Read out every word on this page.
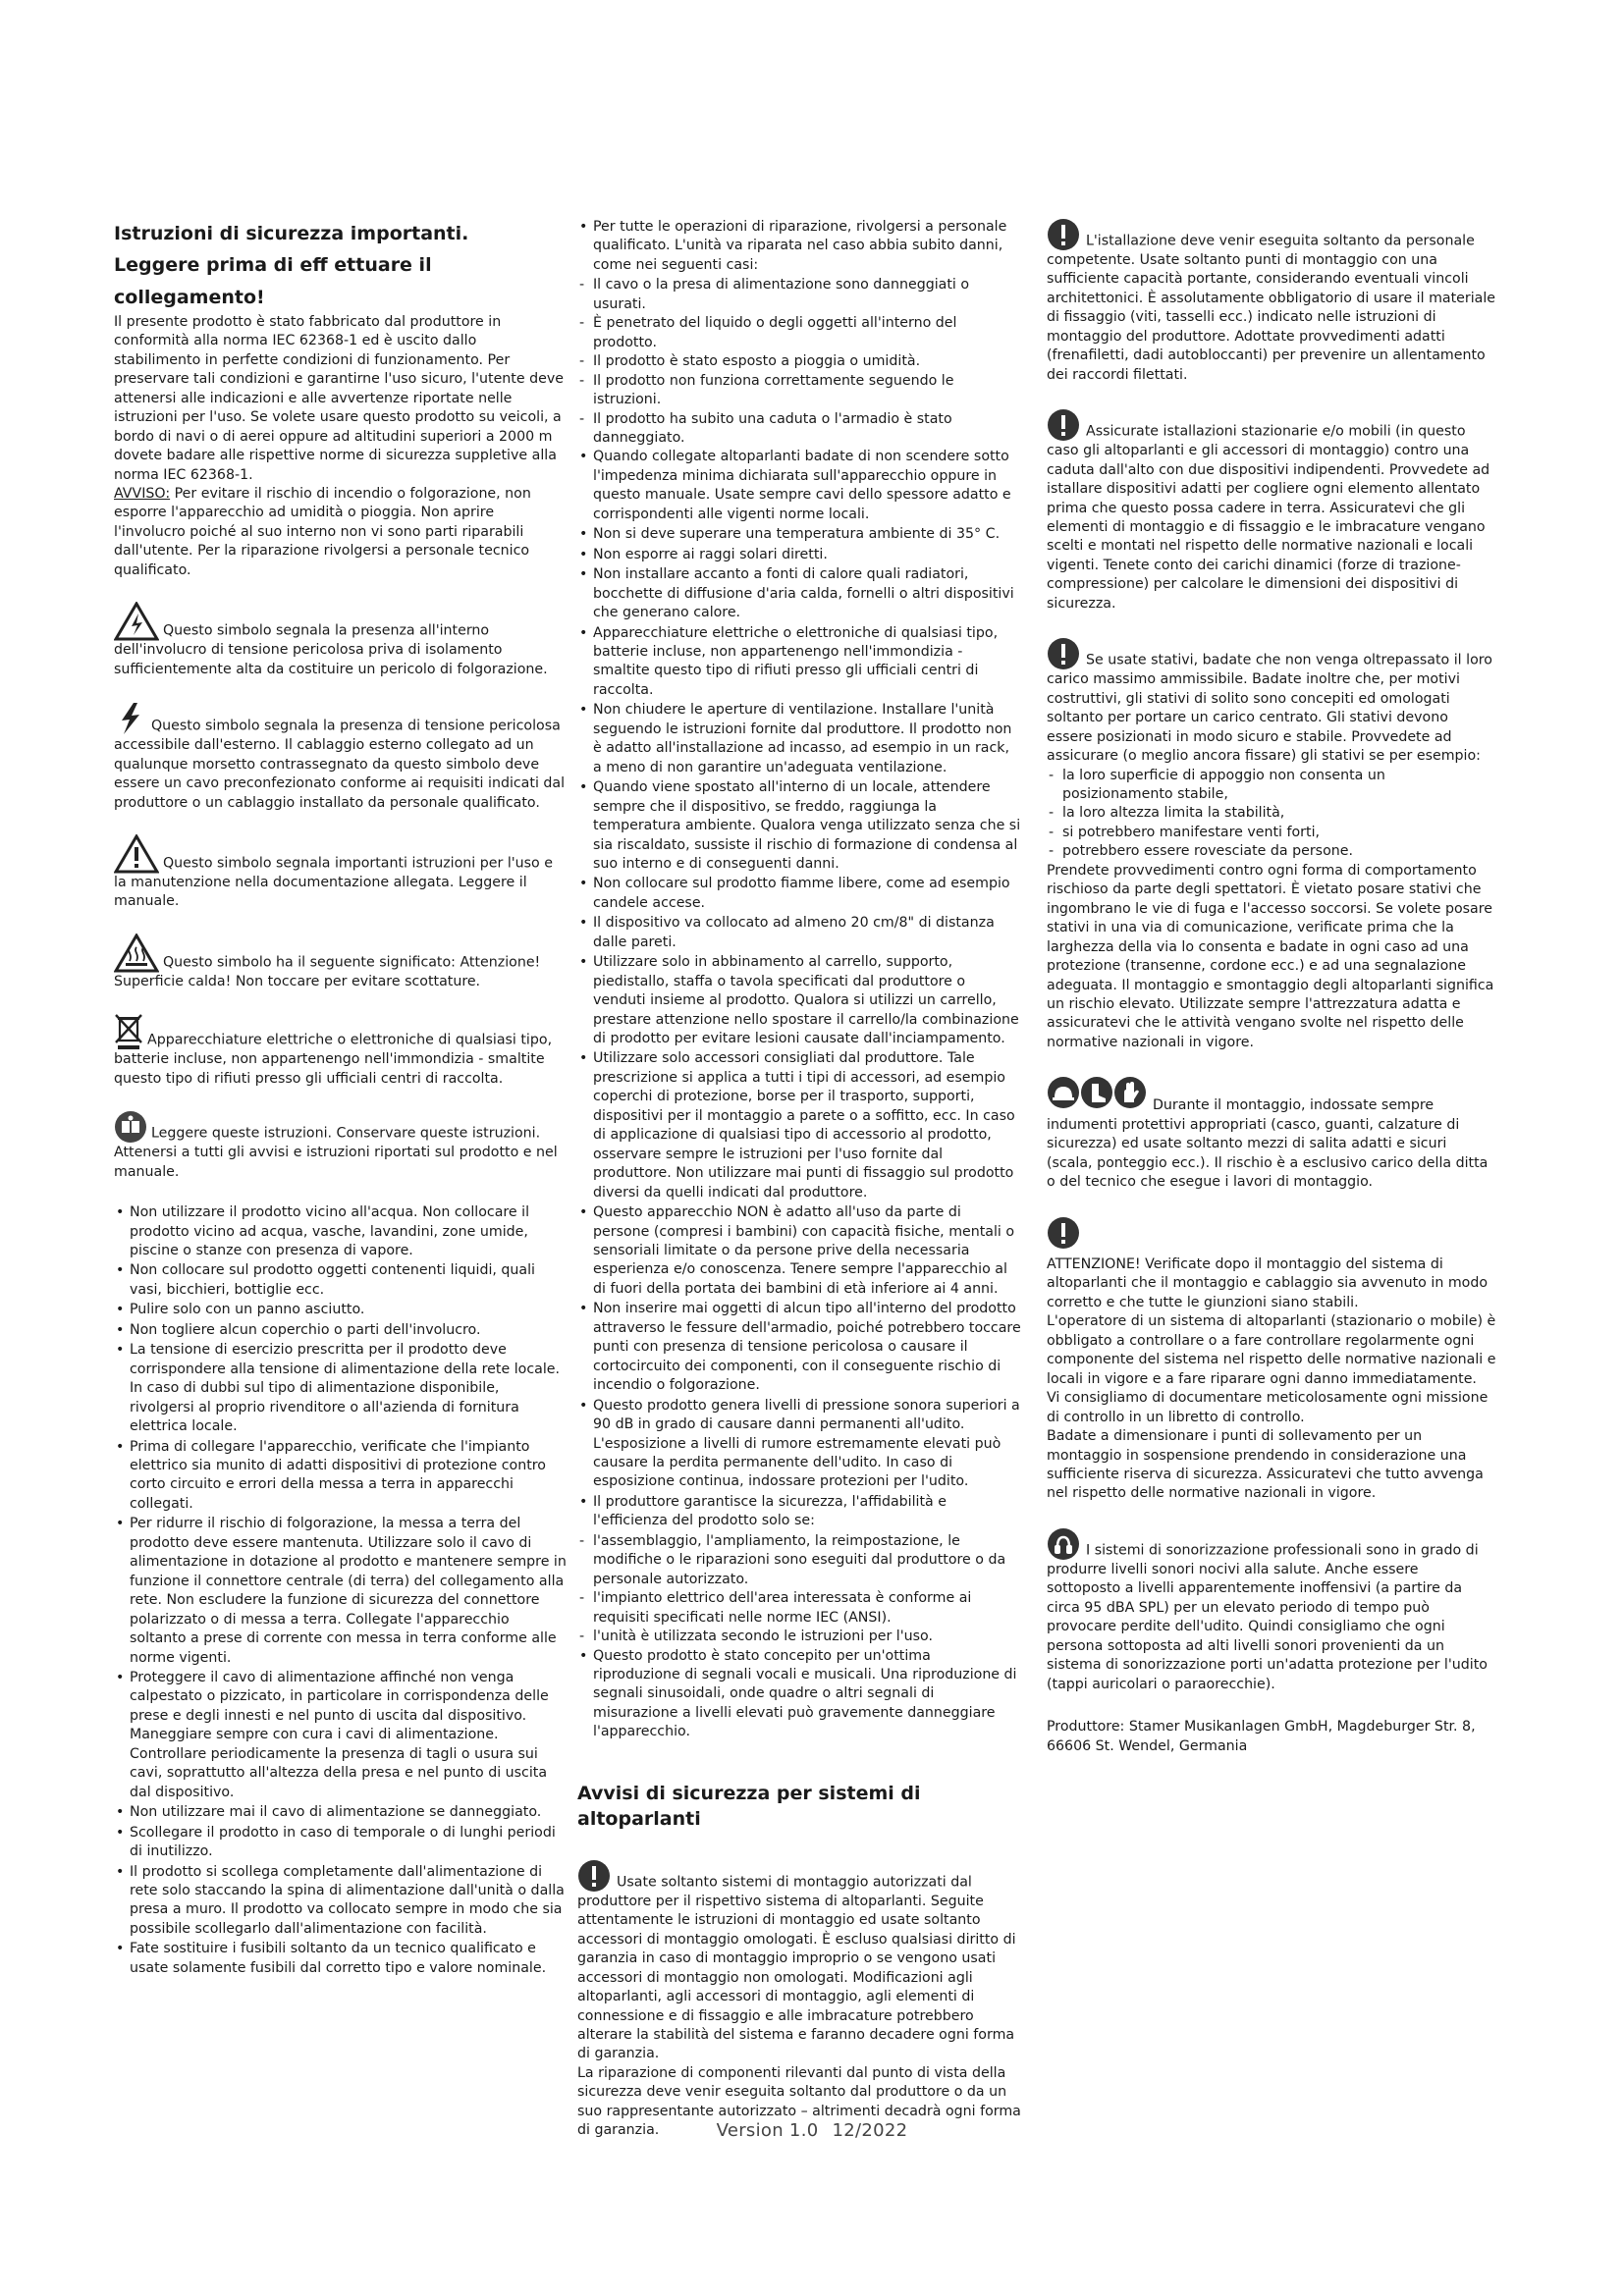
Istruzioni di sicurezza importanti.
Leggere prima di eff ettuare il collegamento!

Il presente prodotto è stato fabbricato dal produttore in conformità alla norma IEC 62368-1 ed è uscito dallo stabilimento in perfette condizioni di funzionamento. Per preservare tali condizioni e garantirne l'uso sicuro, l'utente deve attenersi alle indicazioni e alle avvertenze riportate nelle istruzioni per l'uso. Se volete usare questo prodotto su veicoli, a bordo di navi o di aerei oppure ad altitudini superiori a 2000 m dovete badare alle rispettive norme di sicurezza suppletive alla norma IEC 62368-1.

AVVISO: Per evitare il rischio di incendio o folgorazione, non esporre l'apparecchio ad umidità o pioggia. Non aprire l'involucro poiché al suo interno non vi sono parti riparabili dall'utente. Per la riparazione rivolgersi a personale tecnico qualificato.

Questo simbolo segnala la presenza all'interno dell'involucro di tensione pericolosa priva di isolamento sufficientemente alta da costituire un pericolo di folgorazione.

Questo simbolo segnala la presenza di tensione pericolosa accessibile dall'esterno. Il cablaggio esterno collegato ad un qualunque morsetto contrassegnato da questo simbolo deve essere un cavo preconfezionato conforme ai requisiti indicati dal produttore o un cablaggio installato da personale qualificato.

Questo simbolo segnala importanti istruzioni per l'uso e la manutenzione nella documentazione allegata. Leggere il manuale.

Questo simbolo ha il seguente significato: Attenzione! Superficie calda! Non toccare per evitare scottature.

Apparecchiature elettriche o elettroniche di qualsiasi tipo, batterie incluse, non appartenengo nell'immondizia - smaltite questo tipo di rifiuti presso gli ufficiali centri di raccolta.

Leggere queste istruzioni. Conservare queste istruzioni. Attenersi a tutti gli avvisi e istruzioni riportati sul prodotto e nel manuale.

• Non utilizzare il prodotto vicino all'acqua. Non collocare il prodotto vicino ad acqua, vasche, lavandini, zone umide, piscine o stanze con presenza di vapore.
• Non collocare sul prodotto oggetti contenenti liquidi, quali vasi, bicchieri, bottiglie ecc.
• Pulire solo con un panno asciutto.
• Non togliere alcun coperchio o parti dell'involucro.
• La tensione di esercizio prescritta per il prodotto deve corrispondere alla tensione di alimentazione della rete locale. In caso di dubbi sul tipo di alimentazione disponibile, rivolgersi al proprio rivenditore o all'azienda di fornitura elettrica locale.
• Prima di collegare l'apparecchio, verificate che l'impianto elettrico sia munito di adatti dispositivi di protezione contro corto circuito e errori della messa a terra in apparecchi collegati.
• Per ridurre il rischio di folgorazione, la messa a terra del prodotto deve essere mantenuta. Utilizzare solo il cavo di alimentazione in dotazione al prodotto e mantenere sempre in funzione il connettore centrale (di terra) del collegamento alla rete. Non escludere la funzione di sicurezza del connettore polarizzato o di messa a terra. Collegate l'apparecchio soltanto a prese di corrente con messa in terra conforme alle norme vigenti.
• Proteggere il cavo di alimentazione affinché non venga calpestato o pizzicato, in particolare in corrispondenza delle prese e degli innesti e nel punto di uscita dal dispositivo. Maneggiare sempre con cura i cavi di alimentazione. Controllare periodicamente la presenza di tagli o usura sui cavi, soprattutto all'altezza della presa e nel punto di uscita dal dispositivo.
• Non utilizzare mai il cavo di alimentazione se danneggiato.
• Scollegare il prodotto in caso di temporale o di lunghi periodi di inutilizzo.
• Il prodotto si scollega completamente dall'alimentazione di rete solo staccando la spina di alimentazione dall'unità o dalla presa a muro. Il prodotto va collocato sempre in modo che sia possibile scollegarlo dall'alimentazione con facilità.
• Fate sostituire i fusibili soltanto da un tecnico qualificato e usate solamente fusibili dal corretto tipo e valore nominale.
• Per tutte le operazioni di riparazione, rivolgersi a personale qualificato. L'unità va riparata nel caso abbia subito danni, come nei seguenti casi:
- Il cavo o la presa di alimentazione sono danneggiati o usurati.
- È penetrato del liquido o degli oggetti all'interno del prodotto.
- Il prodotto è stato esposto a pioggia o umidità.
- Il prodotto non funziona correttamente seguendo le istruzioni.
- Il prodotto ha subito una caduta o l'armadio è stato danneggiato.
• Quando collegate altoparlanti badate di non scendere sotto l'impedenza minima dichiarata sull'apparecchio oppure in questo manuale. Usate sempre cavi dello spessore adatto e corrispondenti alle vigenti norme locali.
• Non si deve superare una temperatura ambiente di 35° C.
• Non esporre ai raggi solari diretti.
• Non installare accanto a fonti di calore quali radiatori, bocchette di diffusione d'aria calda, fornelli o altri dispositivi che generano calore.
• Apparecchiature elettriche o elettroniche di qualsiasi tipo, batterie incluse, non appartenengo nell'immondizia - smaltite questo tipo di rifiuti presso gli ufficiali centri di raccolta.
• Non chiudere le aperture di ventilazione. Installare l'unità seguendo le istruzioni fornite dal produttore. Il prodotto non è adatto all'installazione ad incasso, ad esempio in un rack, a meno di non garantire un'adeguata ventilazione.
• Quando viene spostato all'interno di un locale, attendere sempre che il dispositivo, se freddo, raggiunga la temperatura ambiente. Qualora venga utilizzato senza che si sia riscaldato, sussiste il rischio di formazione di condensa al suo interno e di conseguenti danni.
• Non collocare sul prodotto fiamme libere, come ad esempio candele accese.
• Il dispositivo va collocato ad almeno 20 cm/8" di distanza dalle pareti.
• Utilizzare solo in abbinamento al carrello, supporto, piedistallo, staffa o tavola specificati dal produttore o venduti insieme al prodotto. Qualora si utilizzi un carrello, prestare attenzione nello spostare il carrello/la combinazione di prodotto per evitare lesioni causate dall'inciampamento.
• Utilizzare solo accessori consigliati dal produttore. Tale prescrizione si applica a tutti i tipi di accessori, ad esempio coperchi di protezione, borse per il trasporto, supporti, dispositivi per il montaggio a parete o a soffitto, ecc. In caso di applicazione di qualsiasi tipo di accessorio al prodotto, osservare sempre le istruzioni per l'uso fornite dal produttore. Non utilizzare mai punti di fissaggio sul prodotto diversi da quelli indicati dal produttore.
• Questo apparecchio NON è adatto all'uso da parte di persone (compresi i bambini) con capacità fisiche, mentali o sensoriali limitate o da persone prive della necessaria esperienza e/o conoscenza. Tenere sempre l'apparecchio al di fuori della portata dei bambini di età inferiore ai 4 anni.
• Non inserire mai oggetti di alcun tipo all'interno del prodotto attraverso le fessure dell'armadio, poiché potrebbero toccare punti con presenza di tensione pericolosa o causare il cortocircuito dei componenti, con il conseguente rischio di incendio o folgorazione.
• Questo prodotto genera livelli di pressione sonora superiori a 90 dB in grado di causare danni permanenti all'udito. L'esposizione a livelli di rumore estremamente elevati può causare la perdita permanente dell'udito. In caso di esposizione continua, indossare protezioni per l'udito.
• Il produttore garantisce la sicurezza, l'affidabilità e l'efficienza del prodotto solo se:
- l'assemblaggio, l'ampliamento, la reimpostazione, le modifiche o le riparazioni sono eseguiti dal produttore o da personale autorizzato.
- l'impianto elettrico dell'area interessata è conforme ai requisiti specificati nelle norme IEC (ANSI).
- l'unità è utilizzata secondo le istruzioni per l'uso.
• Questo prodotto è stato concepito per un'ottima riproduzione di segnali vocali e musicali. Una riproduzione di segnali sinusoidali, onde quadre o altri segnali di misurazione a livelli elevati può gravemente danneggiare l'apparecchio.
Avvisi di sicurezza per sistemi di altoparlanti

Usate soltanto sistemi di montaggio autorizzati dal produttore per il rispettivo sistema di altoparlanti. Seguite attentamente le istruzioni di montaggio ed usate soltanto accessori di montaggio omologati. È escluso qualsiasi diritto di garanzia in caso di montaggio improprio o se vengono usati accessori di montaggio non omologati. Modificazioni agli altoparlanti, agli accessori di montaggio, agli elementi di connessione e di fissaggio e alle imbracature potrebbero alterare la stabilità del sistema e faranno decadere ogni forma di garanzia.

La riparazione di componenti rilevanti dal punto di vista della sicurezza deve venir eseguita soltanto dal produttore o da un suo rappresentante autorizzato – altrimenti decadrà ogni forma di garanzia.

L'istallazione deve venir eseguita soltanto da personale competente. Usate soltanto punti di montaggio con una sufficiente capacità portante, considerando eventuali vincoli architettonici. È assolutamente obbligatorio di usare il materiale di fissaggio (viti, tasselli ecc.) indicato nelle istruzioni di montaggio del produttore. Adottate provvedimenti adatti (frenafiletti, dadi autobloccanti) per prevenire un allentamento dei raccordi filettati.

Assicurate istallazioni stazionarie e/o mobili (in questo caso gli altoparlanti e gli accessori di montaggio) contro una caduta dall'alto con due dispositivi indipendenti. Provvedete ad istallare dispositivi adatti per cogliere ogni elemento allentato prima che questo possa cadere in terra. Assicuratevi che gli elementi di montaggio e di fissaggio e le imbracature vengano scelti e montati nel rispetto delle normative nazionali e locali vigenti. Tenete conto dei carichi dinamici (forze di trazione-compressione) per calcolare le dimensioni dei dispositivi di sicurezza.

Se usate stativi, badate che non venga oltrepassato il loro carico massimo ammissibile. Badate inoltre che, per motivi costruttivi, gli stativi di solito sono concepiti ed omologati soltanto per portare un carico centrato. Gli stativi devono essere posizionati in modo sicuro e stabile. Provvedete ad assicurare (o meglio ancora fissare) gli stativi se per esempio:

- la loro superficie di appoggio non consenta un posizionamento stabile,
- la loro altezza limita la stabilità,
- si potrebbero manifestare venti forti,
- potrebbero essere rovesciate da persone.

Prendete provvedimenti contro ogni forma di comportamento rischioso da parte degli spettatori. È vietato posare stativi che ingombrano le vie di fuga e l'accesso soccorsi. Se volete posare stativi in una via di comunicazione, verificate prima che la larghezza della via lo consenta e badate in ogni caso ad una protezione (transenne, cordone ecc.) e ad una segnalazione adeguata. Il montaggio e smontaggio degli altoparlanti significa un rischio elevato. Utilizzate sempre l'attrezzatura adatta e assicuratevi che le attività vengano svolte nel rispetto delle normative nazionali in vigore.

Durante il montaggio, indossate sempre indumenti protettivi appropriati (casco, guanti, calzature di sicurezza) ed usate soltanto mezzi di salita adatti e sicuri (scala, ponteggio ecc.). Il rischio è a esclusivo carico della ditta o del tecnico che esegue i lavori di montaggio.

ATTENZIONE! Verificate dopo il montaggio del sistema di altoparlanti che il montaggio e cablaggio sia avvenuto in modo corretto e che tutte le giunzioni siano stabili.

L'operatore di un sistema di altoparlanti (stazionario o mobile) è obbligato a controllare o a fare controllare regolarmente ogni componente del sistema nel rispetto delle normative nazionali e locali in vigore e a fare riparare ogni danno immediatamente.

Vi consigliamo di documentare meticolosamente ogni missione di controllo in un libretto di controllo.

Badate a dimensionare i punti di sollevamento per un montaggio in sospensione prendendo in considerazione una sufficiente riserva di sicurezza. Assicuratevi che tutto avvenga nel rispetto delle normative nazionali in vigore.

I sistemi di sonorizzazione professionali sono in grado di produrre livelli sonori nocivi alla salute. Anche essere sottoposto a livelli apparentemente inoffensivi (a partire da circa 95 dBA SPL) per un elevato periodo di tempo può provocare perdite dell'udito. Quindi consigliamo che ogni persona sottoposta ad alti livelli sonori provenienti da un sistema di sonorizzazione porti un'adatta protezione per l'udito (tappi auricolari o paraorecchie).

Produttore: Stamer Musikanlagen GmbH, Magdeburger Str. 8, 66606 St. Wendel, Germania

Version 1.0 12/2022
